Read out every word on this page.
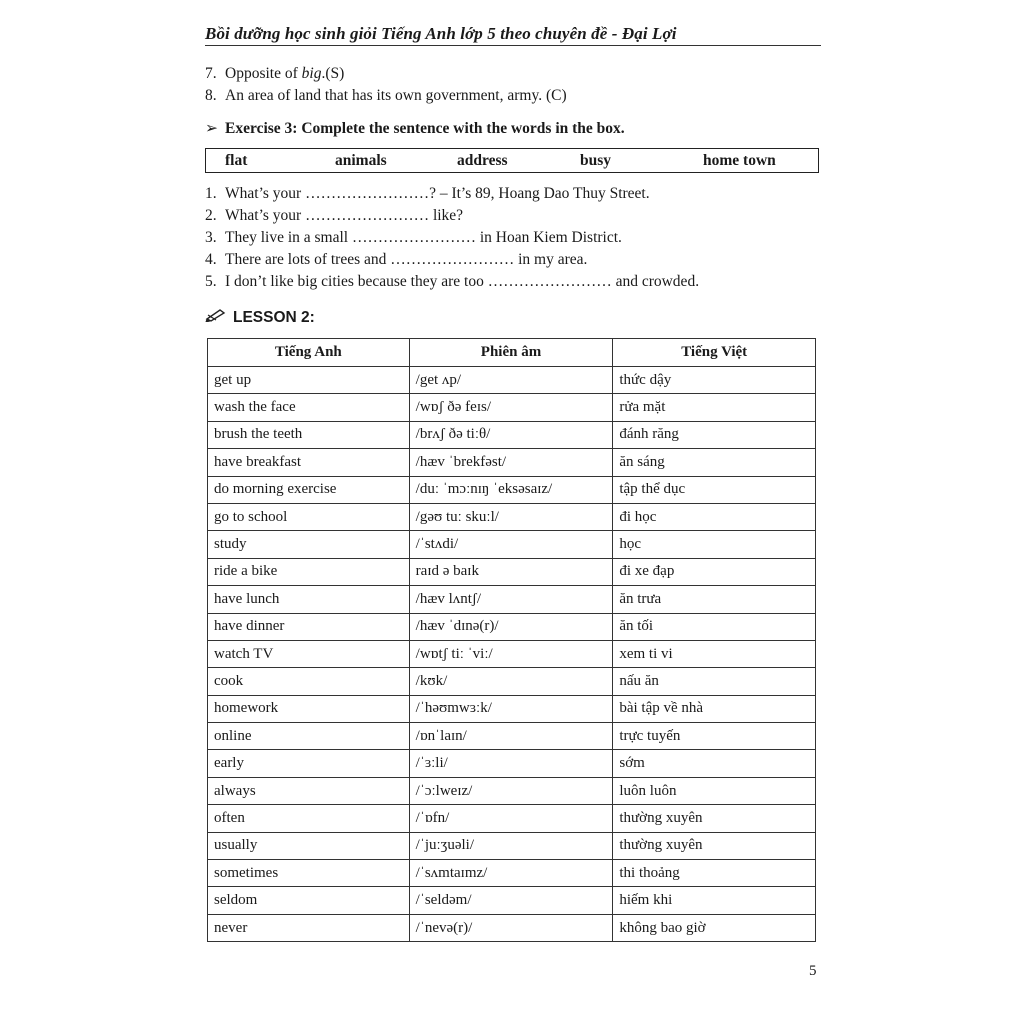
Bồi dưỡng học sinh giỏi Tiếng Anh lớp 5 theo chuyên đề - Đại Lợi
7. Opposite of big.(S)
8. An area of land that has its own government, army. (C)
➢ Exercise 3: Complete the sentence with the words in the box.
flat	animals	address	busy	home town
1. What’s your ……………………? – It’s 89, Hoang Dao Thuy Street.
2. What’s your …………………… like?
3. They live in a small …………………… in Hoan Kiem District.
4. There are lots of trees and …………………… in my area.
5. I don’t like big cities because they are too …………………… and crowded.
LESSON 2:
Tiếng Anh	Phiên âm	Tiếng Việt
get up	/get ʌp/	thức dậy
wash the face	/wɒʃ ðə feɪs/	rửa mặt
brush the teeth	/brʌʃ ðə tiːθ/	đánh răng
have breakfast	/hæv ˈbrekfəst/	ăn sáng
do morning exercise	/duː ˈmɔːnɪŋ ˈeksəsaɪz/	tập thể dục
go to school	/gəʊ tuː skuːl/	đi học
study	/ˈstʌdi/	học
ride a bike	raɪd ə baɪk	đi xe đạp
have lunch	/hæv lʌntʃ/	ăn trưa
have dinner	/hæv ˈdɪnə(r)/	ăn tối
watch TV	/wɒtʃ tiː ˈviː/	xem ti vi
cook	/kʊk/	nấu ăn
homework	/ˈhəʊmwɜːk/	bài tập về nhà
online	/ɒnˈlaɪn/	trực tuyến
early	/ˈɜːli/	sớm
always	/ˈɔːlweɪz/	luôn luôn
often	/ˈɒfn/	thường xuyên
usually	/ˈjuːʒuəli/	thường xuyên
sometimes	/ˈsʌmtaɪmz/	thi thoảng
seldom	/ˈseldəm/	hiếm khi
never	/ˈnevə(r)/	không bao giờ
5
